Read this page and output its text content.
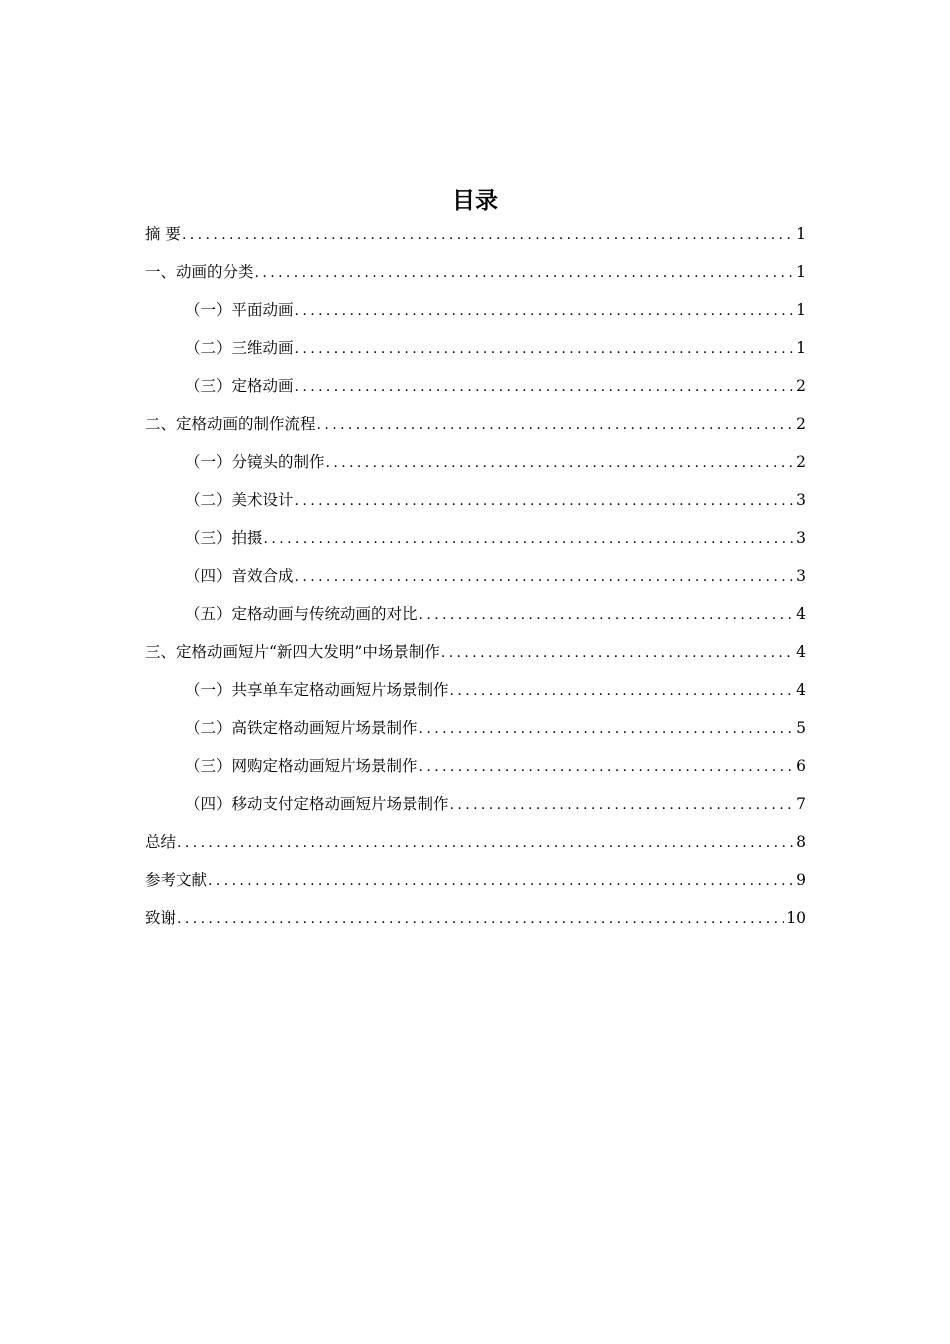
目录
摘 要 .....	1
一、动画的分类 .....	1
（一）平面动画 .....	1
（二）三维动画 .....	1
（三）定格动画 .....	2
二、定格动画的制作流程 .....	2
（一）分镜头的制作 .....	2
（二）美术设计 .....	3
（三）拍摄 .....	3
（四）音效合成 .....	3
（五）定格动画与传统动画的对比 .....	4
三、定格动画短片“新四大发明”中场景制作 .....	4
（一）共享单车定格动画短片场景制作 .....	4
（二）高铁定格动画短片场景制作 .....	5
（三）网购定格动画短片场景制作 .....	6
（四）移动支付定格动画短片场景制作 .....	7
总结 .....	8
参考文献 .....	9
致谢 .....	10
